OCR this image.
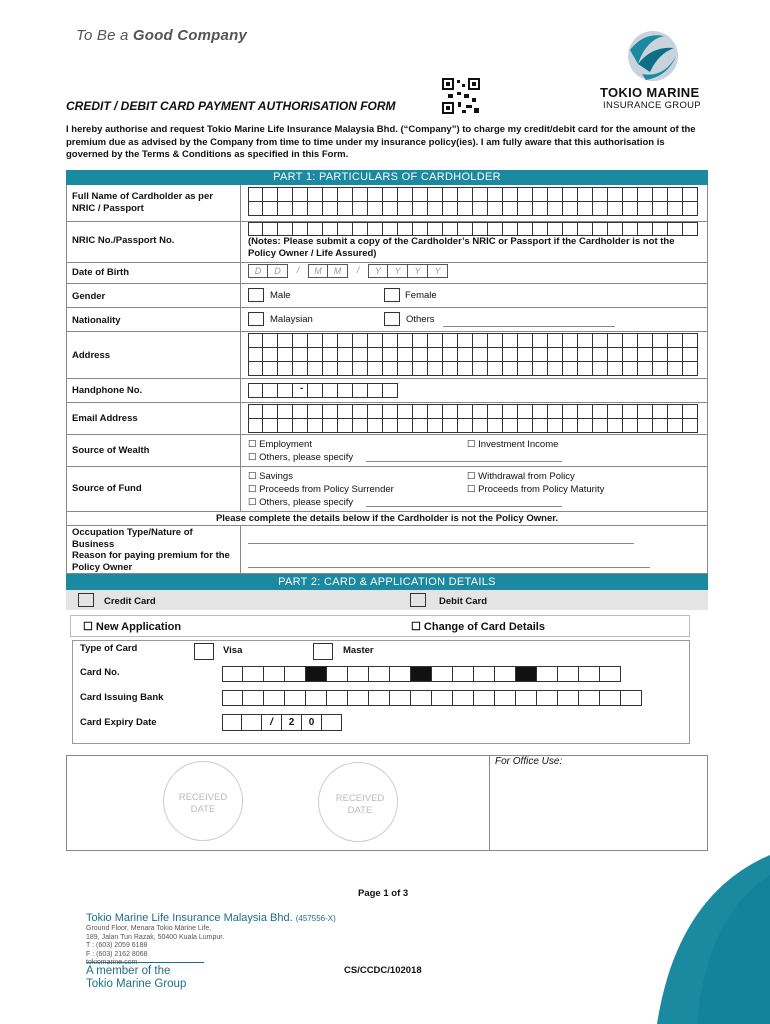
To Be a Good Company
TOKIO MARINE
INSURANCE GROUP
CREDIT / DEBIT CARD PAYMENT AUTHORISATION FORM
I hereby authorise and request Tokio Marine Life Insurance Malaysia Bhd. (“Company”) to charge my credit/debit card for the amount of the premium due as advised by the Company from time to time under my insurance policy(ies). I am fully aware that this authorisation is governed by the Terms & Conditions as specified in this Form.
PART 1: PARTICULARS OF CARDHOLDER
Full Name of Cardholder as per NRIC / Passport
NRIC No./Passport No.	(Notes: Please submit a copy of the Cardholder’s NRIC or Passport if the Cardholder is not the Policy Owner / Life Assured)
Date of Birth	D	D	/	M	M	/	Y	Y	Y	Y
Gender	Male	Female
Nationality	Malaysian	Others
Address
Handphone No.	-
Email Address
Source of Wealth
☐ Employment	☐ Investment Income
☐ Others, please specify
Source of Fund
☐ Savings	☐ Withdrawal from Policy
☐ Proceeds from Policy Surrender	☐ Proceeds from Policy Maturity
☐ Others, please specify
Please complete the details below if the Cardholder is not the Policy Owner.
Occupation Type/Nature of Business
Reason for paying premium for the Policy Owner
PART 2: CARD & APPLICATION DETAILS
Credit Card	Debit Card
☐ New Application	☐ Change of Card Details
Type of Card	Visa	Master
Card No.
Card Issuing Bank
Card Expiry Date	/	2	0
For Office Use:
RECEIVED
DATE
RECEIVED
DATE
Page 1 of 3
Tokio Marine Life Insurance Malaysia Bhd. (457556-X)
Ground Floor, Menara Tokio Marine Life,
189, Jalan Tun Razak, 50400 Kuala Lumpur.
T : (603) 2059 6188
F : (603) 2162 8068
A member of the
Tokio Marine Group
CS/CCDC/102018
